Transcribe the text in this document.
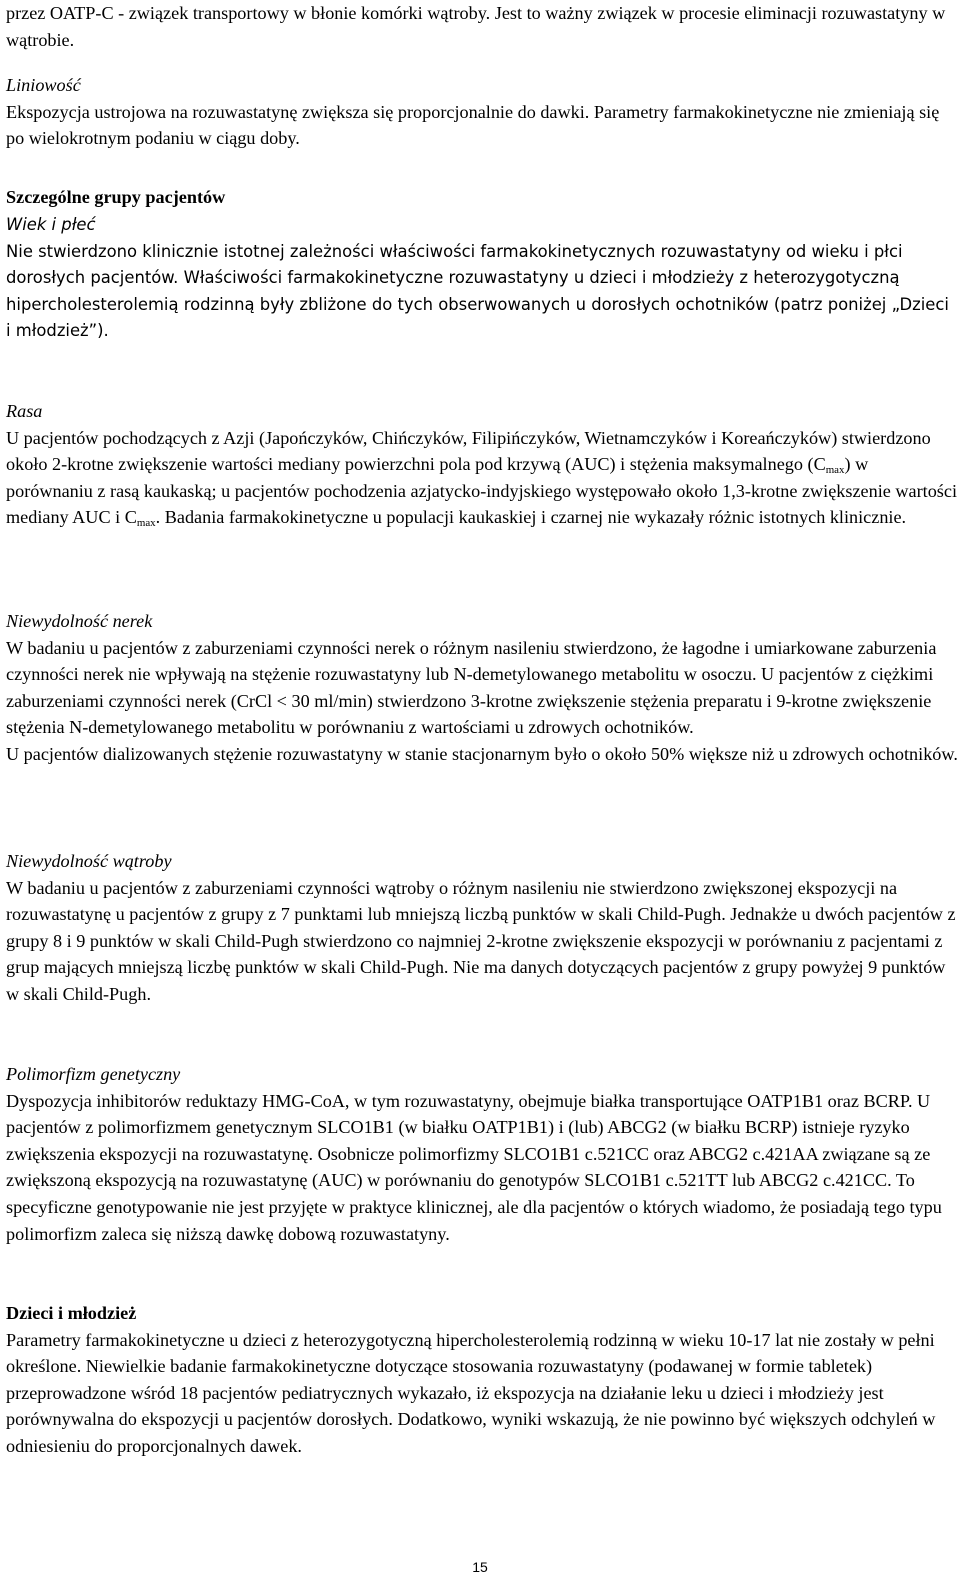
przez OATP-C - związek transportowy w błonie komórki wątroby. Jest to ważny związek w procesie eliminacji rozuwastatyny w wątrobie.
Liniowość
Ekspozycja ustrojowa na rozuwastatynę zwiększa się proporcjonalnie do dawki. Parametry farmakokinetyczne nie zmieniają się po wielokrotnym podaniu w ciągu doby.
Szczególne grupy pacjentów
Wiek i płeć
Nie stwierdzono klinicznie istotnej zależności właściwości farmakokinetycznych rozuwastatyny od wieku i płci dorosłych pacjentów. Właściwości farmakokinetyczne rozuwastatyny u dzieci i młodzieży z heterozygotyczną hipercholesterolemią rodzinną były zbliżone do tych obserwowanych u dorosłych ochotników (patrz poniżej „Dzieci i młodzież”).
Rasa
U pacjentów pochodzących z Azji (Japończyków, Chińczyków, Filipińczyków, Wietnamczyków i Koreańczyków) stwierdzono około 2-krotne zwiększenie wartości mediany powierzchni pola pod krzywą (AUC) i stężenia maksymalnego $(C_{max})$ w porównaniu z rasą kaukaską; u pacjentów pochodzenia azjatycko-indyjskiego występowało około 1,3-krotne zwiększenie wartości mediany AUC i $C_{max}$. Badania farmakokinetyczne u populacji kaukaskiej i czarnej nie wykazały różnic istotnych klinicznie.
Niewydolność nerek
W badaniu u pacjentów z zaburzeniami czynności nerek o różnym nasileniu stwierdzono, że łagodne i umiarkowane zaburzenia czynności nerek nie wpływają na stężenie rozuwastatyny lub N-demetylowanego metabolitu w osoczu. U pacjentów z ciężkimi zaburzeniami czynności nerek (CrCl < 30 ml/min) stwierdzono 3-krotne zwiększenie stężenia preparatu i 9-krotne zwiększenie stężenia N-demetylowanego metabolitu w porównaniu z wartościami u zdrowych ochotników.
U pacjentów dializowanych stężenie rozuwastatyny w stanie stacjonarnym było o około 50% większe niż u zdrowych ochotników.
Niewydolność wątroby
W badaniu u pacjentów z zaburzeniami czynności wątroby o różnym nasileniu nie stwierdzono zwiększonej ekspozycji na rozuwastatynę u pacjentów z grupy z 7 punktami lub mniejszą liczbą punktów w skali Child-Pugh. Jednakże u dwóch pacjentów z grupy 8 i 9 punktów w skali Child-Pugh stwierdzono co najmniej 2-krotne zwiększenie ekspozycji w porównaniu z pacjentami z grup mających mniejszą liczbę punktów w skali Child-Pugh. Nie ma danych dotyczących pacjentów z grupy powyżej 9 punktów w skali Child-Pugh.
Polimorfizm genetyczny
Dyspozycja inhibitorów reduktazy HMG-CoA, w tym rozuwastatyny, obejmuje białka transportujące OATP1B1 oraz BCRP. U pacjentów z polimorfizmem genetycznym SLCO1B1 (w białku OATP1B1) i (lub) ABCG2 (w białku BCRP) istnieje ryzyko zwiększenia ekspozycji na rozuwastatynę. Osobnicze polimorfizmy SLCO1B1 c.521CC oraz ABCG2 c.421AA związane są ze zwiększoną ekspozycją na rozuwastatynę (AUC) w porównaniu do genotypów SLCO1B1 c.521TT lub ABCG2 c.421CC. To specyficzne genotypowanie nie jest przyjęte w praktyce klinicznej, ale dla pacjentów o których wiadomo, że posiadają tego typu polimorfizm zaleca się niższą dawkę dobową rozuwastatyny.
Dzieci i młodzież
Parametry farmakokinetyczne u dzieci z heterozygotyczną hipercholesterolemią rodzinną w wieku 10-17 lat nie zostały w pełni określone. Niewielkie badanie farmakokinetyczne dotyczące stosowania rozuwastatyny (podawanej w formie tabletek) przeprowadzone wśród 18 pacjentów pediatrycznych wykazało, iż ekspozycja na działanie leku u dzieci i młodzieży jest porównywalna do ekspozycji u pacjentów dorosłych. Dodatkowo, wyniki wskazują, że nie powinno być większych odchyleń w odniesieniu do proporcjonalnych dawek.
15
